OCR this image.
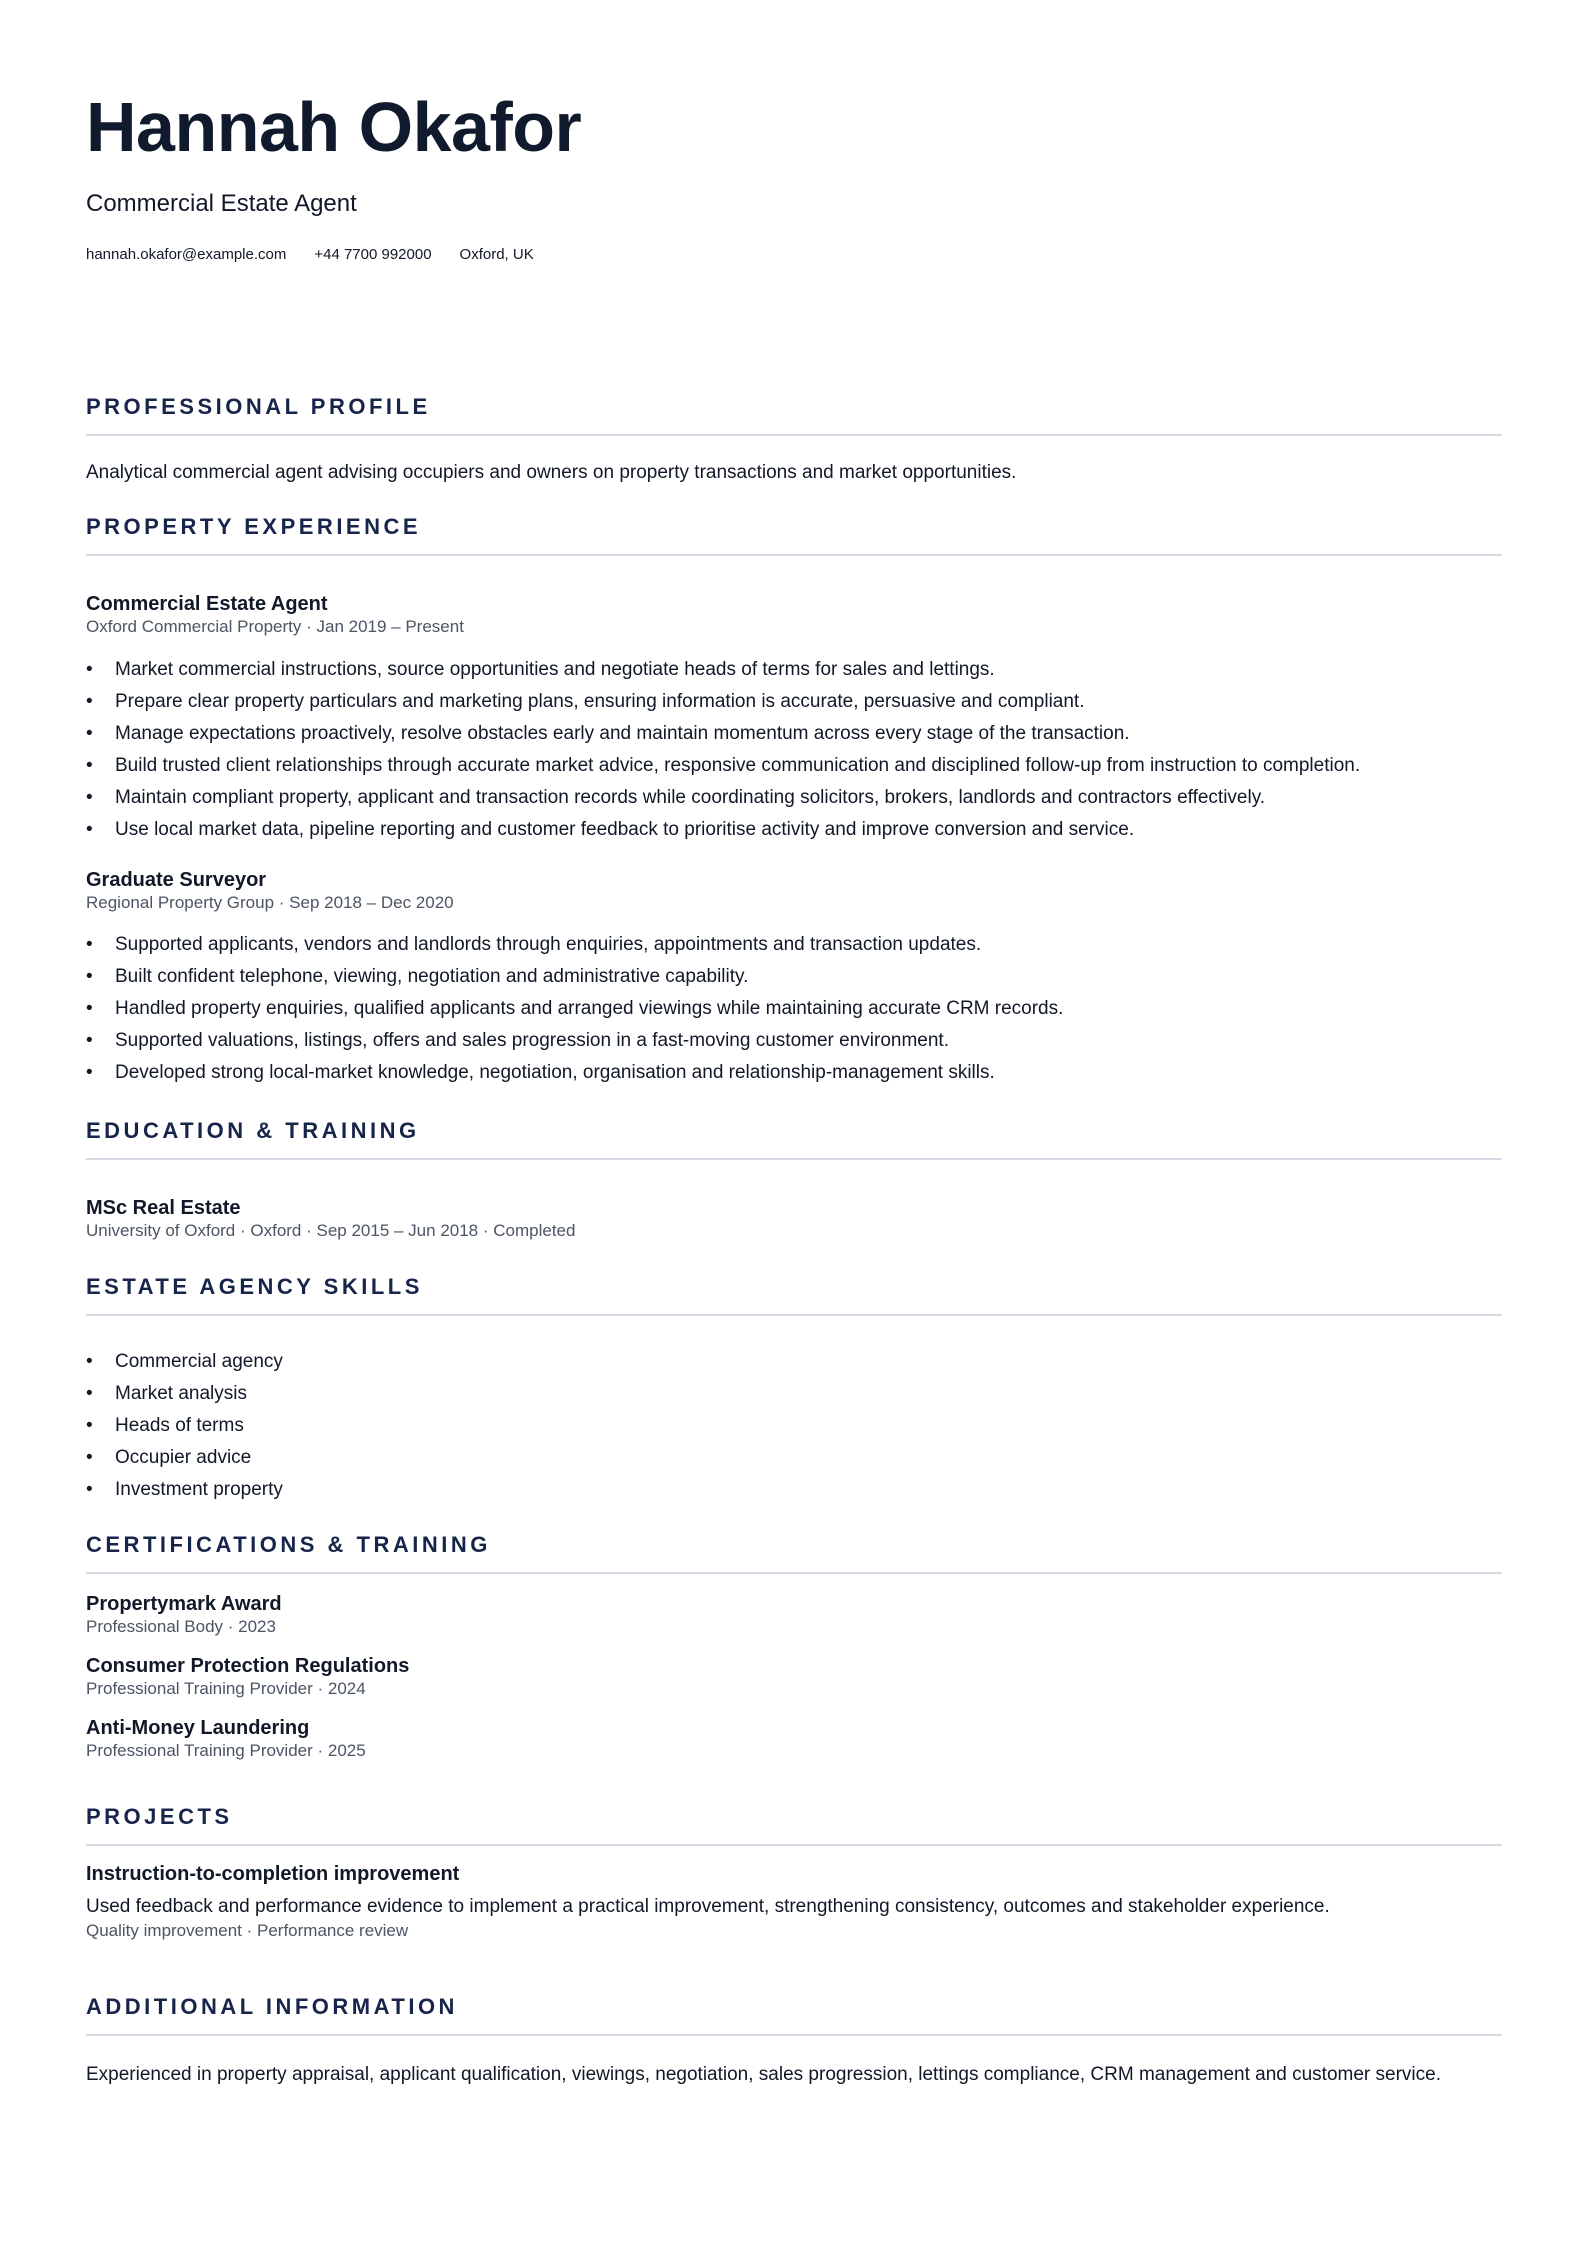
Hannah Okafor
Commercial Estate Agent
hannah.okafor@example.com +44 7700 992000 Oxford, UK
PROFESSIONAL PROFILE
Analytical commercial agent advising occupiers and owners on property transactions and market opportunities.
PROPERTY EXPERIENCE
Commercial Estate Agent
Oxford Commercial Property · Jan 2019 – Present
• Market commercial instructions, source opportunities and negotiate heads of terms for sales and lettings.
• Prepare clear property particulars and marketing plans, ensuring information is accurate, persuasive and compliant.
• Manage expectations proactively, resolve obstacles early and maintain momentum across every stage of the transaction.
• Build trusted client relationships through accurate market advice, responsive communication and disciplined follow-up from instruction to completion.
• Maintain compliant property, applicant and transaction records while coordinating solicitors, brokers, landlords and contractors effectively.
• Use local market data, pipeline reporting and customer feedback to prioritise activity and improve conversion and service.
Graduate Surveyor
Regional Property Group · Sep 2018 – Dec 2020
• Supported applicants, vendors and landlords through enquiries, appointments and transaction updates.
• Built confident telephone, viewing, negotiation and administrative capability.
• Handled property enquiries, qualified applicants and arranged viewings while maintaining accurate CRM records.
• Supported valuations, listings, offers and sales progression in a fast-moving customer environment.
• Developed strong local-market knowledge, negotiation, organisation and relationship-management skills.
EDUCATION & TRAINING
MSc Real Estate
University of Oxford · Oxford · Sep 2015 – Jun 2018 · Completed
ESTATE AGENCY SKILLS
• Commercial agency
• Market analysis
• Heads of terms
• Occupier advice
• Investment property
CERTIFICATIONS & TRAINING
Propertymark Award
Professional Body · 2023
Consumer Protection Regulations
Professional Training Provider · 2024
Anti-Money Laundering
Professional Training Provider · 2025
PROJECTS
Instruction-to-completion improvement
Used feedback and performance evidence to implement a practical improvement, strengthening consistency, outcomes and stakeholder experience.
Quality improvement · Performance review
ADDITIONAL INFORMATION
Experienced in property appraisal, applicant qualification, viewings, negotiation, sales progression, lettings compliance, CRM management and customer service.
